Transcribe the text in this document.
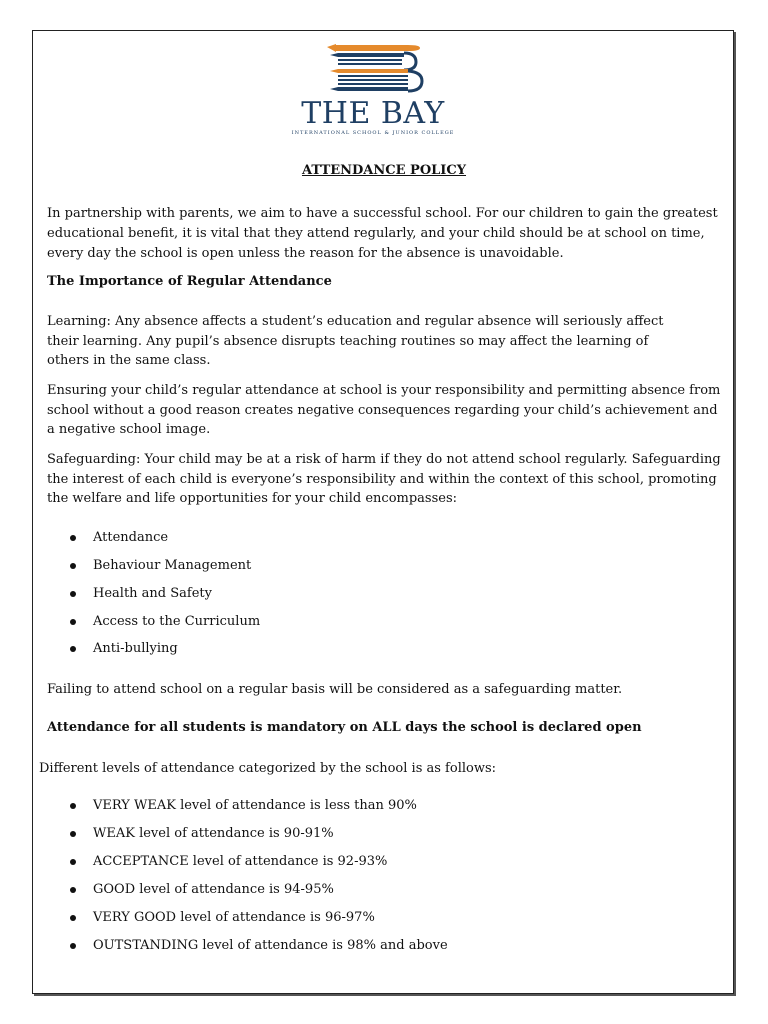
THE BAY
INTERNATIONAL SCHOOL & JUNIOR COLLEGE
ATTENDANCE POLICY
In partnership with parents, we aim to have a successful school. For our children to gain the greatest
educational benefit, it is vital that they attend regularly, and your child should be at school on time,
every day the school is open unless the reason for the absence is unavoidable.
The Importance of Regular Attendance
Learning: Any absence affects a student’s education and regular absence will seriously affect
their learning. Any pupil’s absence disrupts teaching routines so may affect the learning of
others in the same class.
Ensuring your child’s regular attendance at school is your responsibility and permitting absence from
school without a good reason creates negative consequences regarding your child’s achievement and
a negative school image.
Safeguarding: Your child may be at a risk of harm if they do not attend school regularly. Safeguarding
the interest of each child is everyone’s responsibility and within the context of this school, promoting
the welfare and life opportunities for your child encompasses:
Attendance
Behaviour Management
Health and Safety
Access to the Curriculum
Anti-bullying
Failing to attend school on a regular basis will be considered as a safeguarding matter.
Attendance for all students is mandatory on ALL days the school is declared open
Different levels of attendance categorized by the school is as follows:
VERY WEAK level of attendance is less than 90%
WEAK level of attendance is 90-91%
ACCEPTANCE level of attendance is 92-93%
GOOD level of attendance is 94-95%
VERY GOOD level of attendance is 96-97%
OUTSTANDING level of attendance is 98% and above
